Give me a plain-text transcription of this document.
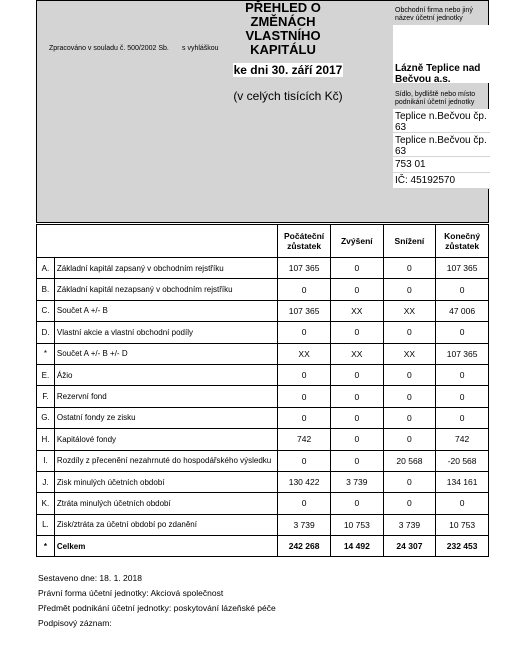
Zpracováno v souladu č. 500/2002 Sb.	s vyhláškou
PŘEHLED O
ZMĚNÁCH
VLASTNÍHO
KAPITÁLU
ke dni 30. září 2017
(v celých tisících Kč)
Obchodní firma nebo jiný název účetní jednotky
Lázně Teplice nad Bečvou a.s.
Sídlo, bydliště nebo místo podnikání účetní jednotky
Teplice n.Bečvou čp. 63
Teplice n.Bečvou čp. 63
753 01
IČ: 45192570
		Počáteční zůstatek	Zvýšení	Snížení	Konečný zůstatek
A.	Základní kapitál zapsaný v obchodním rejstříku	107 365	0	0	107 365
B.	Základní kapitál nezapsaný v obchodním rejstříku	0	0	0	0
C.	Součet A +/- B	107 365	XX	XX	47 006
D.	Vlastní akcie a vlastní obchodní podíly	0	0	0	0
*	Součet A +/- B +/- D	XX	XX	XX	107 365
E.	Ážio	0	0	0	0
F.	Rezervní fond	0	0	0	0
G.	Ostatní fondy ze zisku	0	0	0	0
H.	Kapitálové fondy	742	0	0	742
I.	Rozdíly z přecenění nezahrnuté do hospodářského výsledku	0	0	20 568	-20 568
J.	Zisk minulých účetních období	130 422	3 739	0	134 161
K.	Ztráta minulých účetních období	0	0	0	0
L.	Zisk/ztráta za účetní období po zdanění	3 739	10 753	3 739	10 753
*	Celkem	242 268	14 492	24 307	232 453
Sestaveno dne: 18. 1. 2018
Právní forma účetní jednotky: Akciová společnost
Předmět podnikání účetní jednotky: poskytování lázeňské péče
Podpisový záznam:
